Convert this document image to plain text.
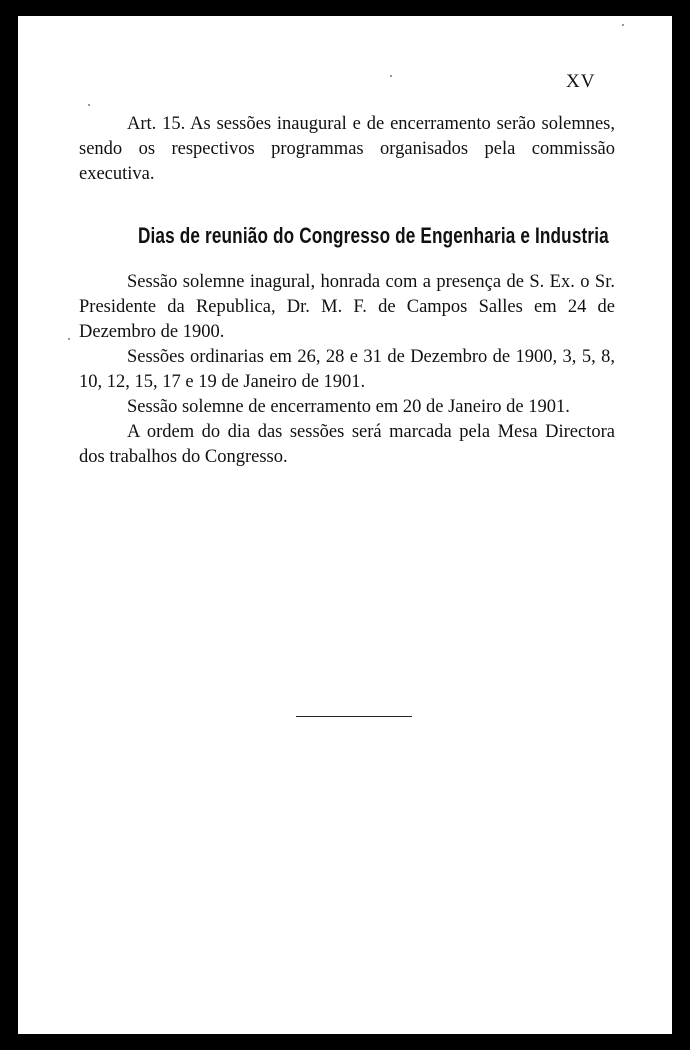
XV

Art. 15. As sessões inaugural e de encerramento serão solemnes, sendo os respectivos programmas organisados pela commissão executiva.

Dias de reunião do Congresso de Engenharia e Industria

Sessão solemne inagural, honrada com a presença de S. Ex. o Sr. Presidente da Republica, Dr. M. F. de Campos Salles em 24 de Dezembro de 1900.

Sessões ordinarias em 26, 28 e 31 de Dezembro de 1900, 3, 5, 8, 10, 12, 15, 17 e 19 de Janeiro de 1901.

Sessão solemne de encerramento em 20 de Janeiro de 1901.

A ordem do dia das sessões será marcada pela Mesa Directora dos trabalhos do Congresso.
